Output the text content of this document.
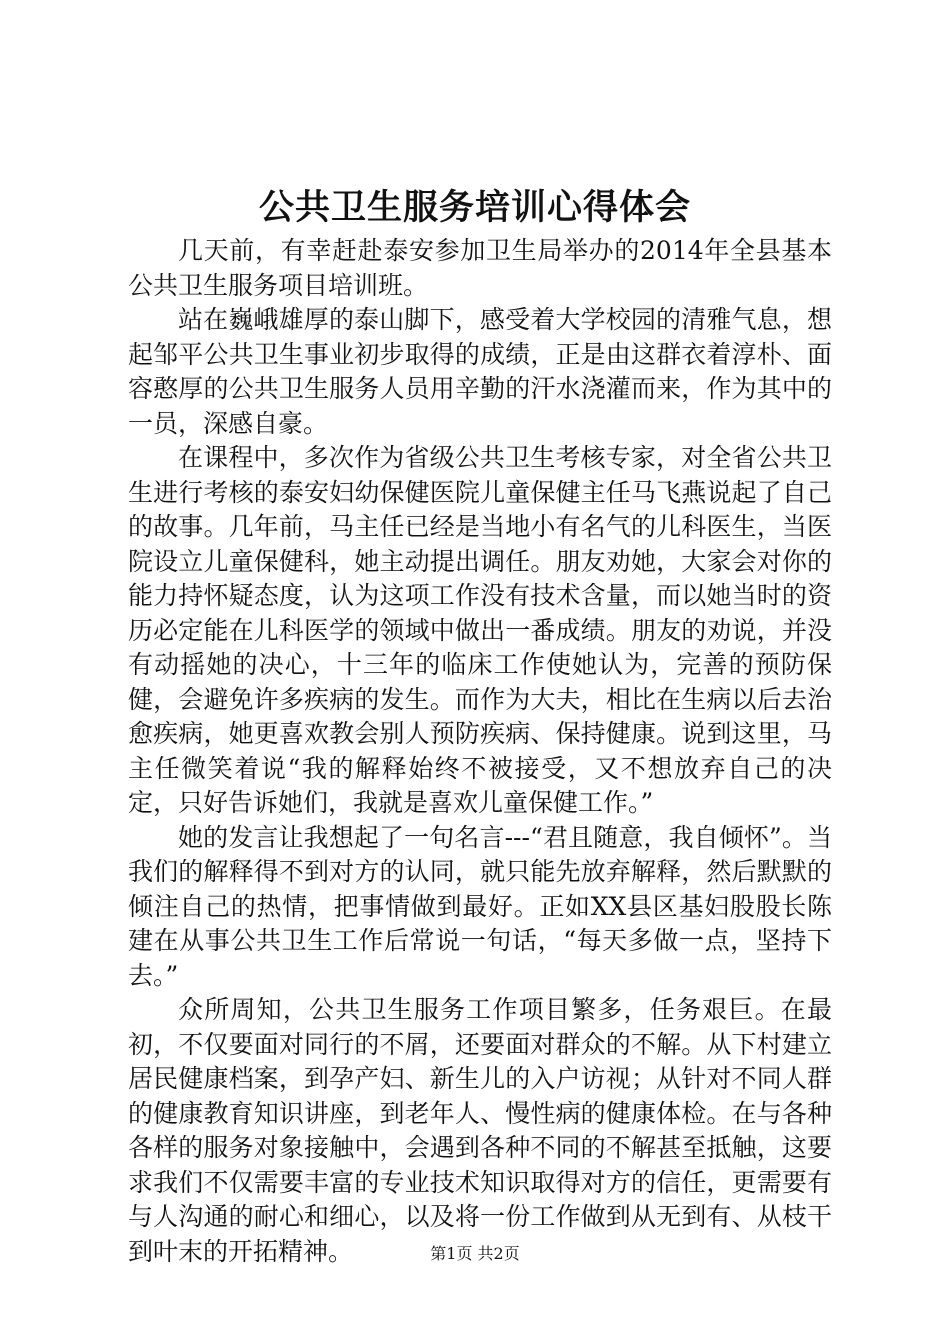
公共卫生服务培训心得体会

几天前，有幸赶赴泰安参加卫生局举办的2014年全县基本公共卫生服务项目培训班。

站在巍峨雄厚的泰山脚下，感受着大学校园的清雅气息，想起邹平公共卫生事业初步取得的成绩，正是由这群衣着淳朴、面容憨厚的公共卫生服务人员用辛勤的汗水浇灌而来，作为其中的一员，深感自豪。

在课程中，多次作为省级公共卫生考核专家，对全省公共卫生进行考核的泰安妇幼保健医院儿童保健主任马飞燕说起了自己的故事。几年前，马主任已经是当地小有名气的儿科医生，当医院设立儿童保健科，她主动提出调任。朋友劝她，大家会对你的能力持怀疑态度，认为这项工作没有技术含量，而以她当时的资历必定能在儿科医学的领域中做出一番成绩。朋友的劝说，并没有动摇她的决心，十三年的临床工作使她认为，完善的预防保健，会避免许多疾病的发生。而作为大夫，相比在生病以后去治愈疾病，她更喜欢教会别人预防疾病、保持健康。说到这里，马主任微笑着说“我的解释始终不被接受，又不想放弃自己的决定，只好告诉她们，我就是喜欢儿童保健工作。”

她的发言让我想起了一句名言---“君且随意，我自倾怀”。当我们的解释得不到对方的认同，就只能先放弃解释，然后默默的倾注自己的热情，把事情做到最好。正如XX县区基妇股股长陈建在从事公共卫生工作后常说一句话，“每天多做一点，坚持下去。”

众所周知，公共卫生服务工作项目繁多，任务艰巨。在最初，不仅要面对同行的不屑，还要面对群众的不解。从下村建立居民健康档案，到孕产妇、新生儿的入户访视；从针对不同人群的健康教育知识讲座，到老年人、慢性病的健康体检。在与各种各样的服务对象接触中，会遇到各种不同的不解甚至抵触，这要求我们不仅需要丰富的专业技术知识取得对方的信任，更需要有与人沟通的耐心和细心，以及将一份工作做到从无到有、从枝干到叶末的开拓精神。	第1页 共2页
